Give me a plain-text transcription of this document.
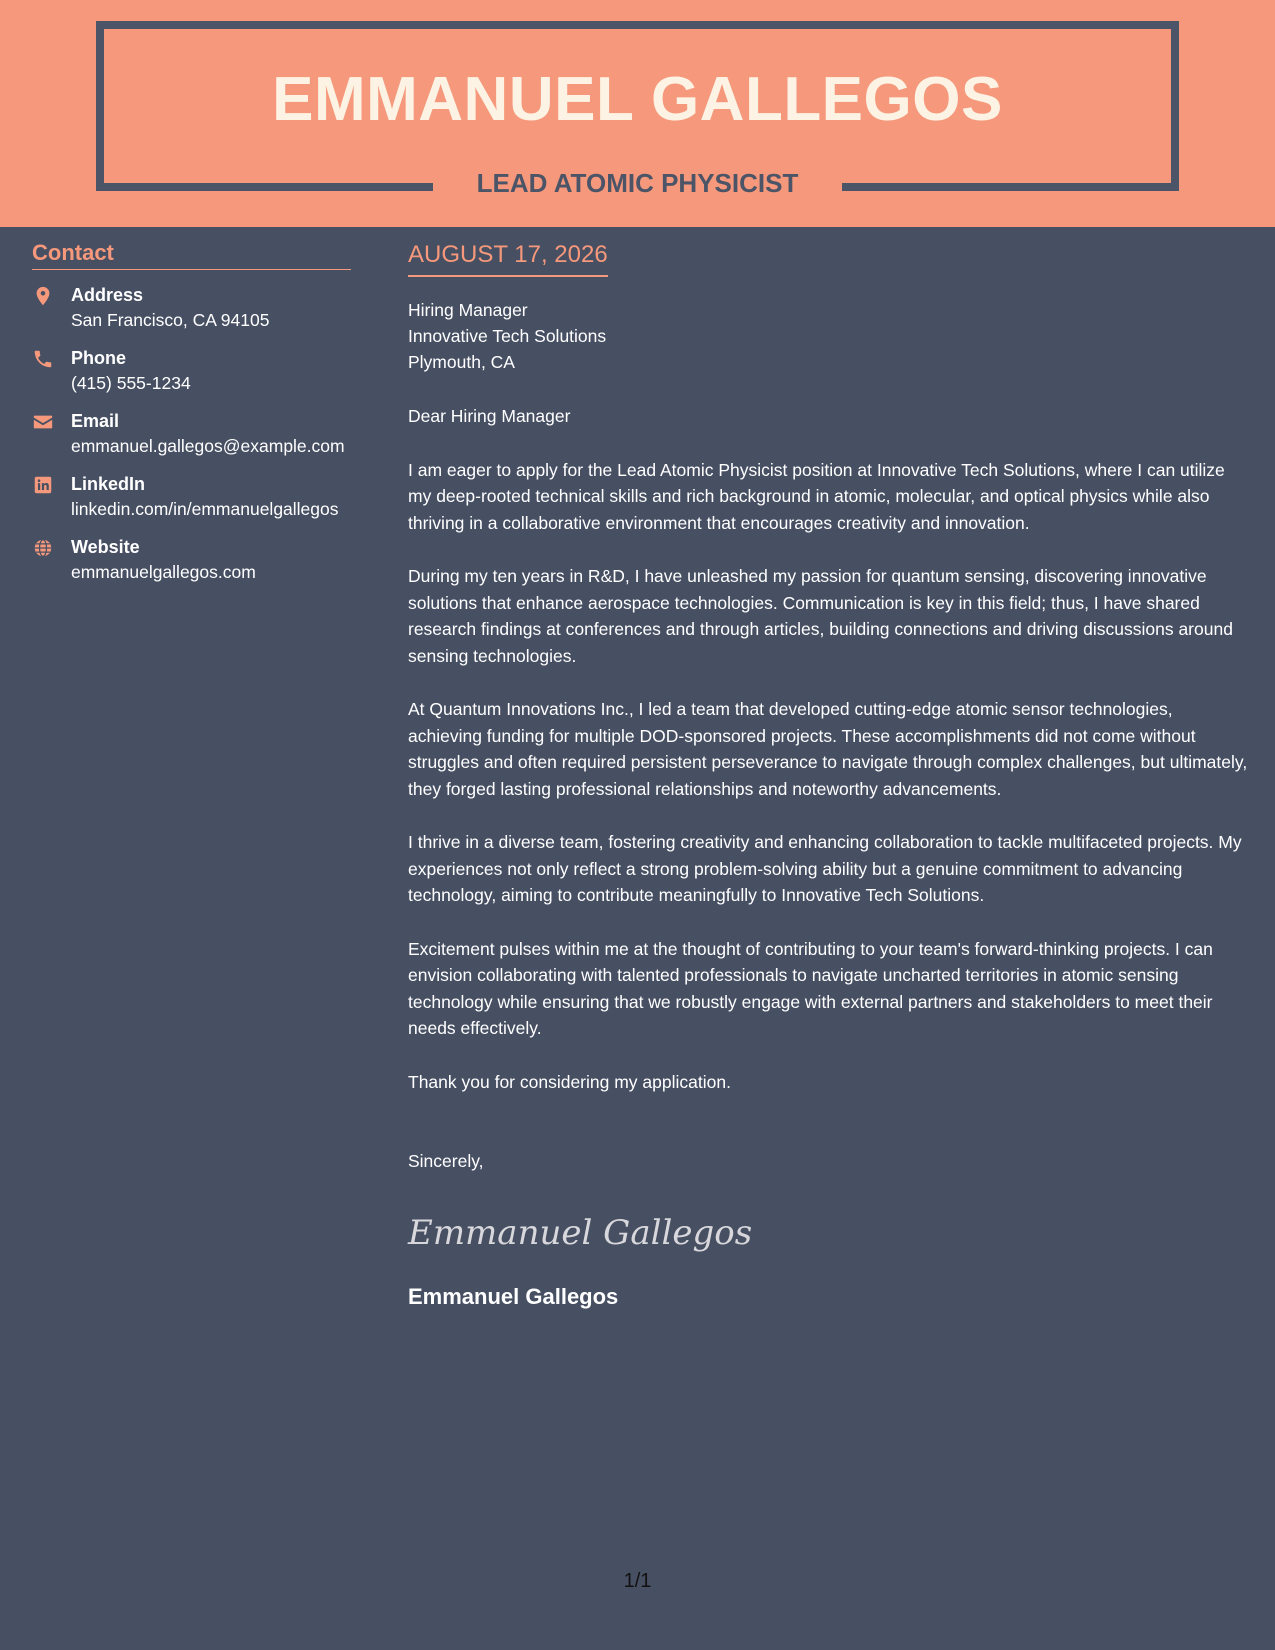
EMMANUEL GALLEGOS
LEAD ATOMIC PHYSICIST
Contact
Address
San Francisco, CA 94105
Phone
(415) 555-1234
Email
emmanuel.gallegos@example.com
LinkedIn
linkedin.com/in/emmanuelgallegos
Website
emmanuelgallegos.com
AUGUST 17, 2026
Hiring Manager
Innovative Tech Solutions
Plymouth, CA
Dear Hiring Manager
I am eager to apply for the Lead Atomic Physicist position at Innovative Tech Solutions, where I can utilize my deep-rooted technical skills and rich background in atomic, molecular, and optical physics while also thriving in a collaborative environment that encourages creativity and innovation.
During my ten years in R&D, I have unleashed my passion for quantum sensing, discovering innovative solutions that enhance aerospace technologies. Communication is key in this field; thus, I have shared research findings at conferences and through articles, building connections and driving discussions around sensing technologies.
At Quantum Innovations Inc., I led a team that developed cutting-edge atomic sensor technologies, achieving funding for multiple DOD-sponsored projects. These accomplishments did not come without struggles and often required persistent perseverance to navigate through complex challenges, but ultimately, they forged lasting professional relationships and noteworthy advancements.
I thrive in a diverse team, fostering creativity and enhancing collaboration to tackle multifaceted projects. My experiences not only reflect a strong problem-solving ability but a genuine commitment to advancing technology, aiming to contribute meaningfully to Innovative Tech Solutions.
Excitement pulses within me at the thought of contributing to your team's forward-thinking projects. I can envision collaborating with talented professionals to navigate uncharted territories in atomic sensing technology while ensuring that we robustly engage with external partners and stakeholders to meet their needs effectively.
Thank you for considering my application.
Sincerely,
Emmanuel Gallegos
Emmanuel Gallegos
1/1
